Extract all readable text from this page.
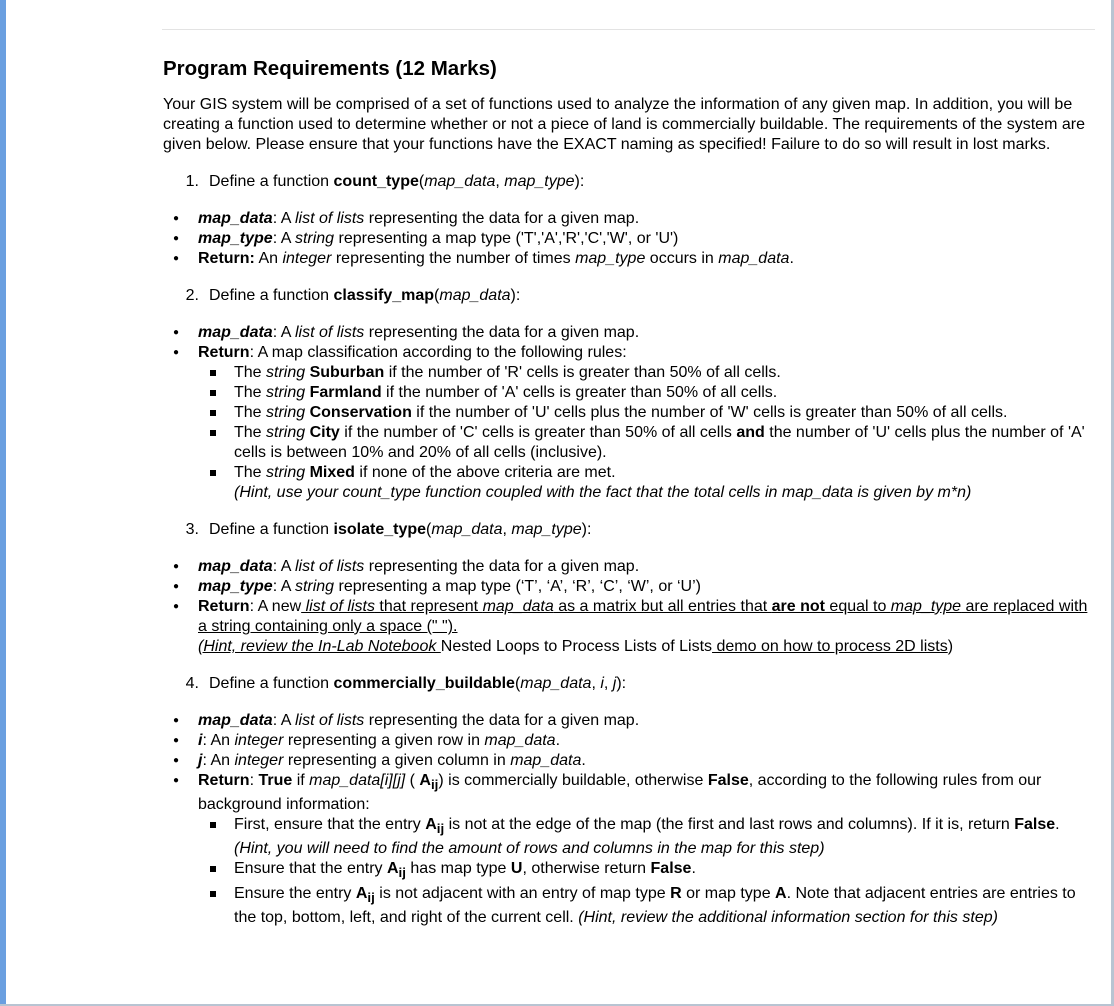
Program Requirements (12 Marks)

Your GIS system will be comprised of a set of functions used to analyze the information of any given map. In addition, you will be creating a function used to determine whether or not a piece of land is commercially buildable. The requirements of the system are given below. Please ensure that your functions have the EXACT naming as specified! Failure to do so will result in lost marks.

1. Define a function count_type(map_data, map_type):
● map_data: A list of lists representing the data for a given map.
● map_type: A string representing a map type ('T','A','R','C','W', or 'U')
● Return: An integer representing the number of times map_type occurs in map_data.
2. Define a function classify_map(map_data):
● map_data: A list of lists representing the data for a given map.
● Return: A map classification according to the following rules:
The string Suburban if the number of 'R' cells is greater than 50% of all cells.
The string Farmland if the number of 'A' cells is greater than 50% of all cells.
The string Conservation if the number of 'U' cells plus the number of 'W' cells is greater than 50% of all cells.
The string City if the number of 'C' cells is greater than 50% of all cells and the number of 'U' cells plus the number of 'A' cells is between 10% and 20% of all cells (inclusive).
The string Mixed if none of the above criteria are met.
(Hint, use your count_type function coupled with the fact that the total cells in map_data is given by m*n)
3. Define a function isolate_type(map_data, map_type):
● map_data: A list of lists representing the data for a given map.
● map_type: A string representing a map type (‘T’, ‘A’, ‘R’, ‘C’, ‘W’, or ‘U’)
● Return: A new list of lists that represent map_data as a matrix but all entries that are not equal to map_type are replaced with a string containing only a space (" ").
(Hint, review the In-Lab Notebook Nested Loops to Process Lists of Lists demo on how to process 2D lists)
4. Define a function commercially_buildable(map_data, i, j):
● map_data: A list of lists representing the data for a given map.
● i: An integer representing a given row in map_data.
● j: An integer representing a given column in map_data.
● Return: True if map_data[i][j] ( $A_{ij}$) is commercially buildable, otherwise False, according to the following rules from our background information:
First, ensure that the entry $A_{ij}$ is not at the edge of the map (the first and last rows and columns). If it is, return False. (Hint, you will need to find the amount of rows and columns in the map for this step)
Ensure that the entry $A_{ij}$ has map type U, otherwise return False.
Ensure the entry $A_{ij}$ is not adjacent with an entry of map type R or map type A. Note that adjacent entries are entries to the top, bottom, left, and right of the current cell. (Hint, review the additional information section for this step)
